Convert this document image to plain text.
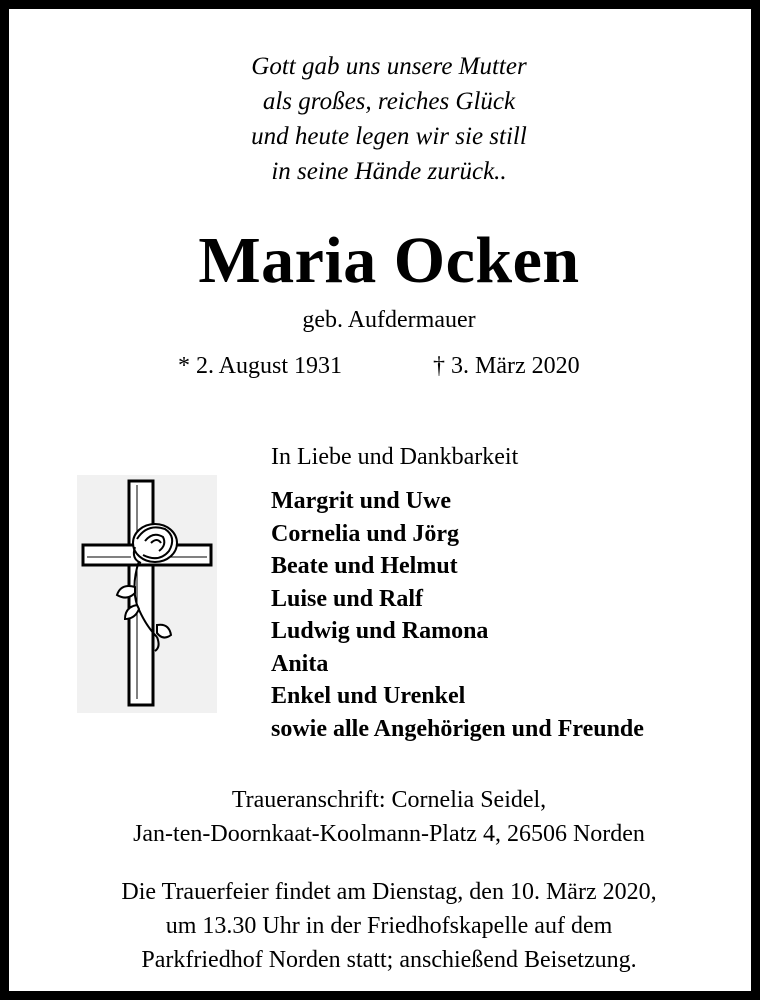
Gott gab uns unsere Mutter
als großes, reiches Glück
und heute legen wir sie still
in seine Hände zurück..
Maria Ocken
geb. Aufdermauer
* 2. August 1931	† 3. März 2020
In Liebe und Dankbarkeit
Margrit und Uwe
Cornelia und Jörg
Beate und Helmut
Luise und Ralf
Ludwig und Ramona
Anita
Enkel und Urenkel
sowie alle Angehörigen und Freunde
Traueranschrift: Cornelia Seidel,
Jan-ten-Doornkaat-Koolmann-Platz 4, 26506 Norden
Die Trauerfeier findet am Dienstag, den 10. März 2020,
um 13.30 Uhr in der Friedhofskapelle auf dem
Parkfriedhof Norden statt; anschießend Beisetzung.
